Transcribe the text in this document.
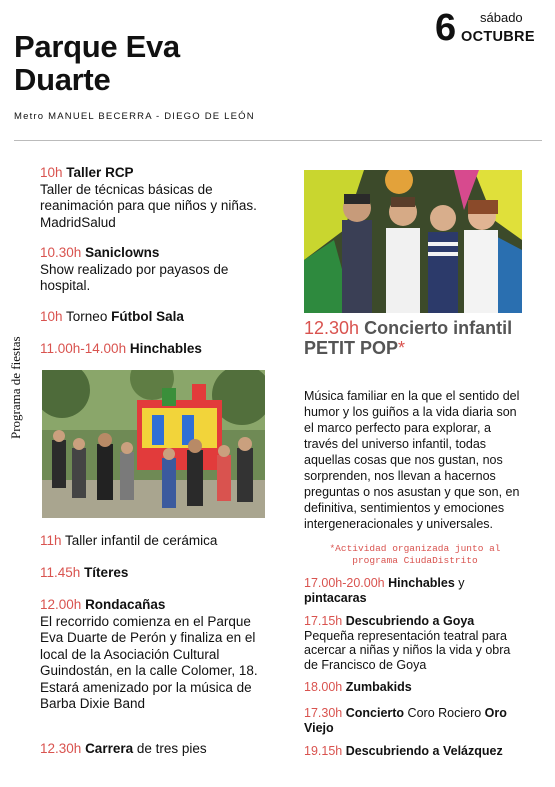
Parque Eva
Duarte
Metro MANUEL BECERRA - DIEGO DE LEÓN
6 sábado
OCTUBRE
Programa de fiestas
10h Taller RCP
Taller de técnicas básicas de reanimación para que niños y niñas. MadridSalud
10.30h Saniclowns
Show realizado por payasos de hospital.
10h Torneo Fútbol Sala
11.00h-14.00h Hinchables
11h Taller infantil de cerámica
11.45h Títeres
12.00h Rondacañas
El recorrido comienza en el Parque Eva Duarte de Perón y finaliza en el local de la Asociación Cultural Guindostán, en la calle Colomer, 18. Estará amenizado por la música de Barba Dixie Band
12.30h Carrera de tres pies
12.30h Concierto infantil PETIT POP*
Música familiar en la que el sentido del humor y los guiños a la vida diaria son el marco perfecto para explorar, a través del universo infantil, todas aquellas cosas que nos gustan, nos sorprenden, nos llevan a hacernos preguntas o nos asustan y que son, en definitiva, sentimientos y emociones intergeneracionales y universales.
*Actividad organizada junto al programa CiudaDistrito
17.00h-20.00h Hinchables y pintacaras
17.15h Descubriendo a Goya
Pequeña representación teatral para acercar a niñas y niños la vida y obra de Francisco de Goya
18.00h Zumbakids
17.30h Concierto Coro Rociero Oro Viejo
19.15h Descubriendo a Velázquez
